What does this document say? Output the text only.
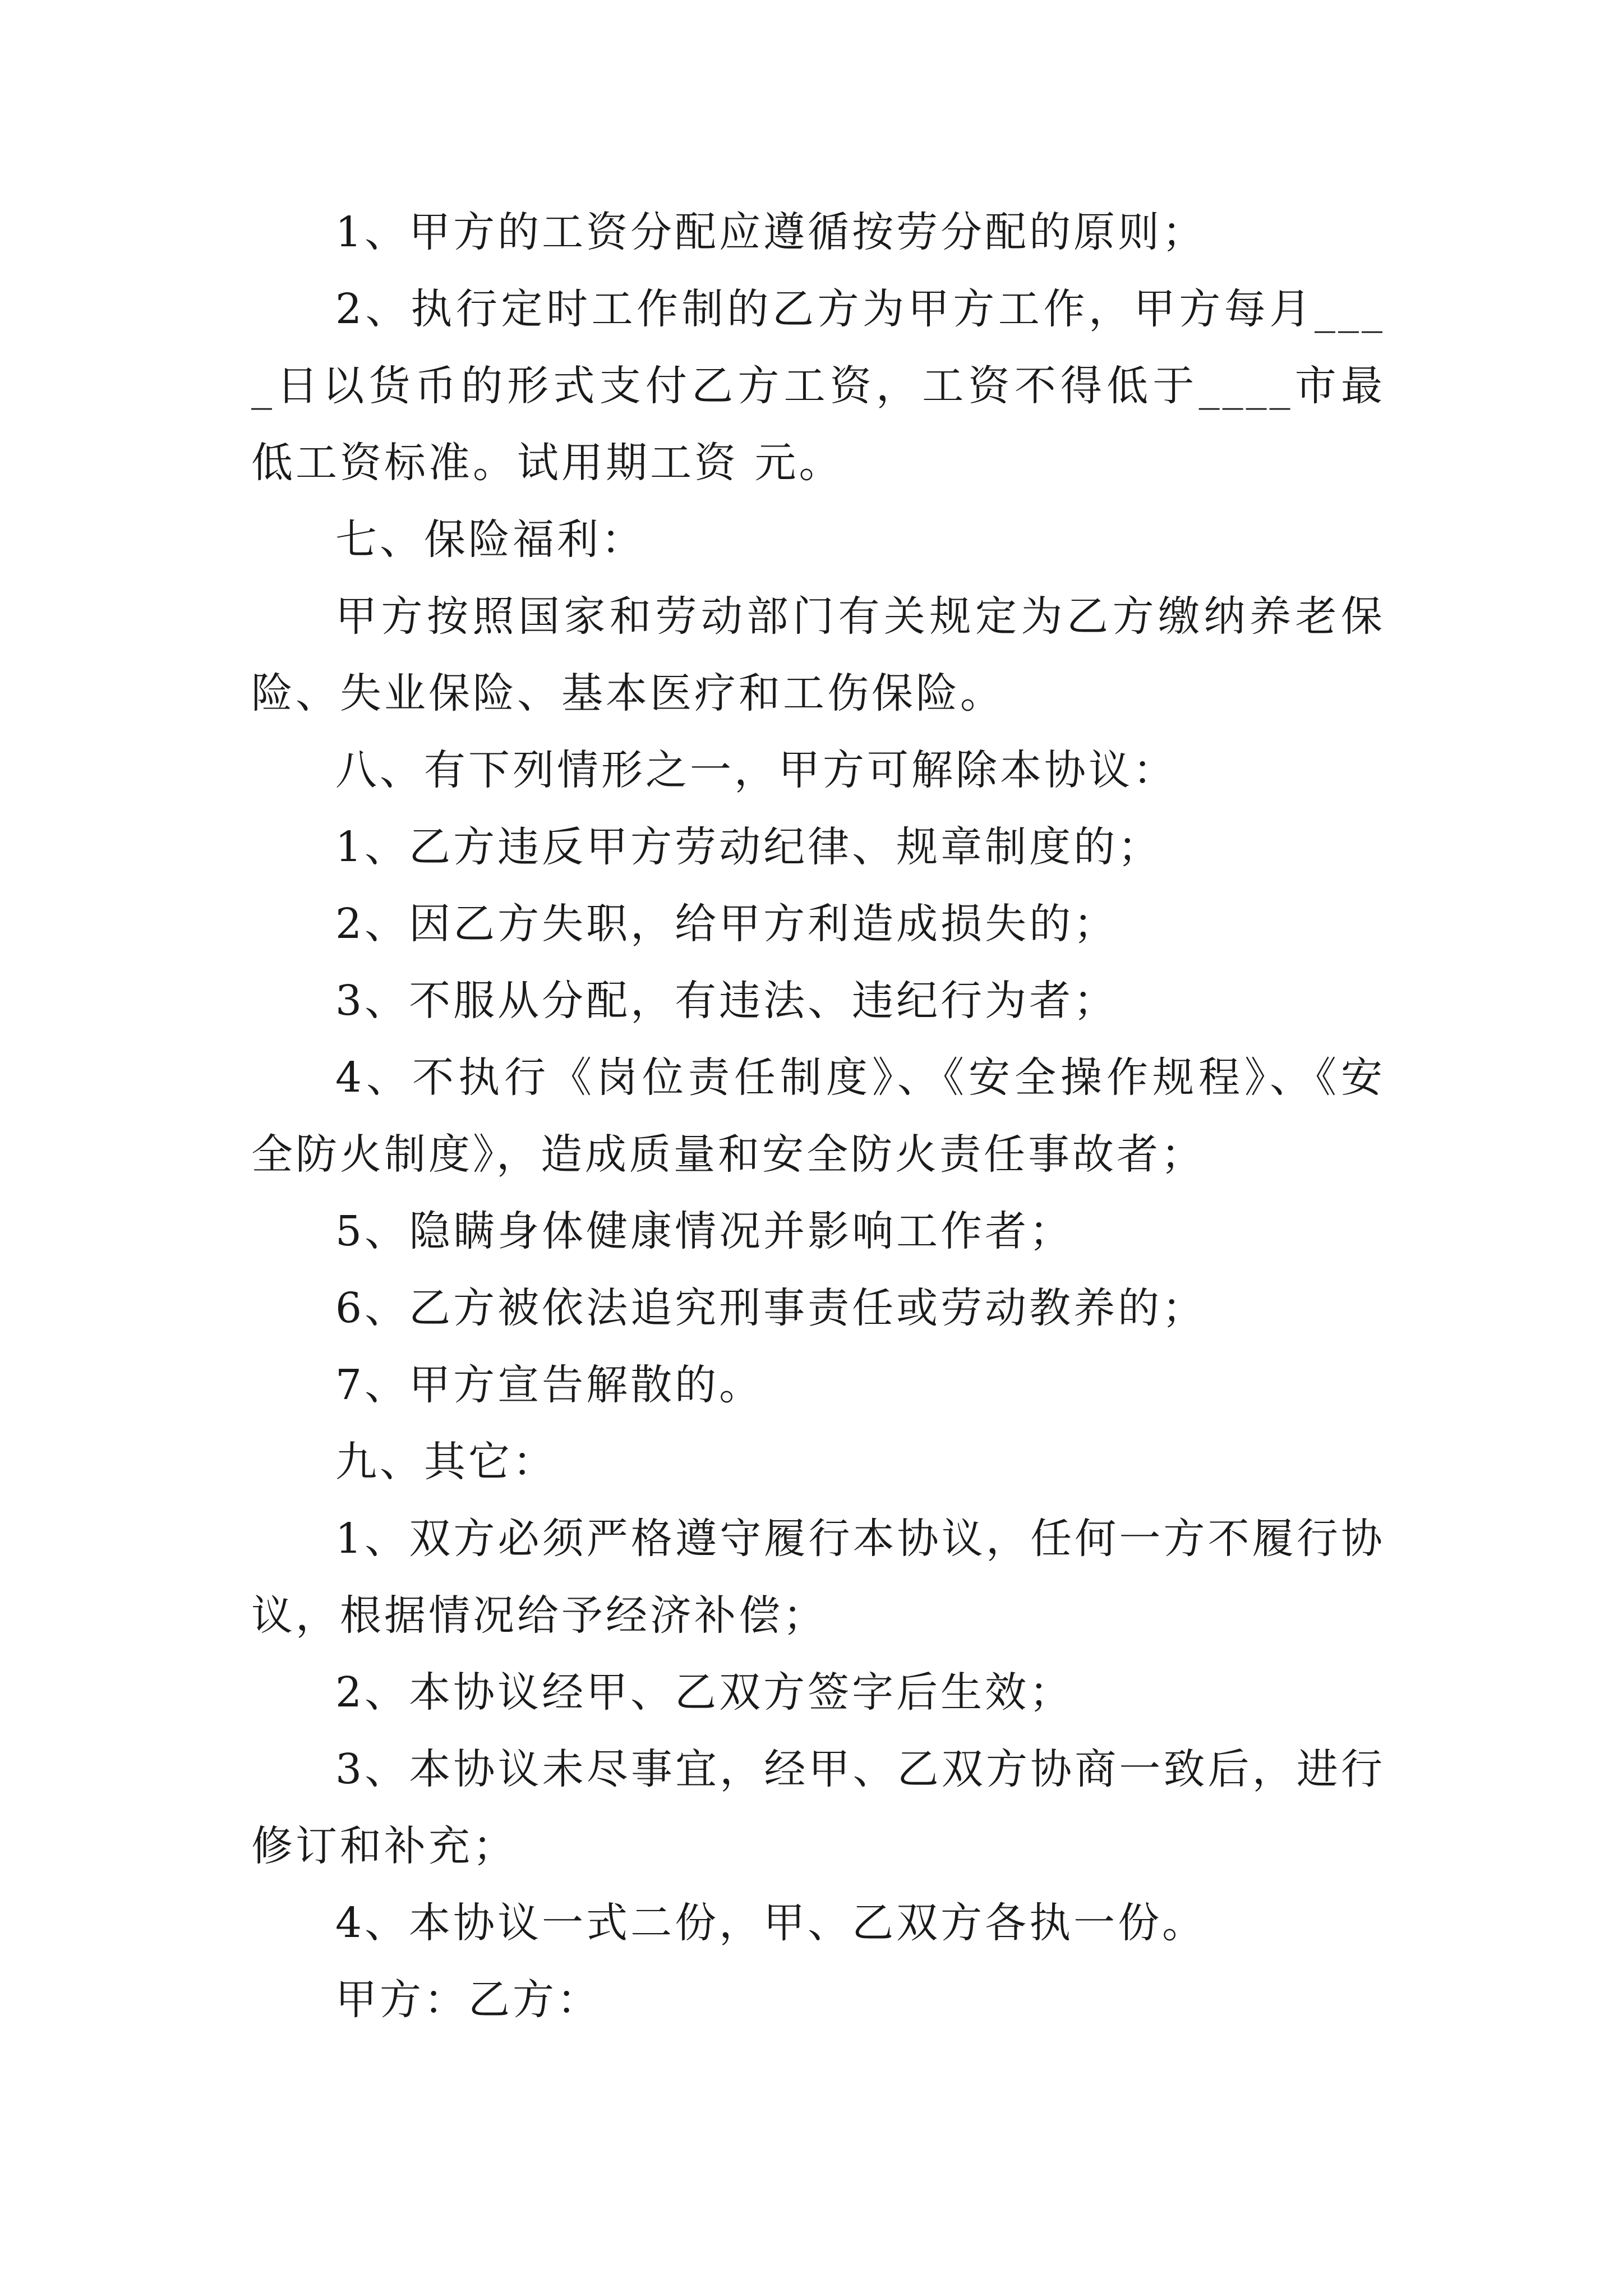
1、甲方的工资分配应遵循按劳分配的原则；

2、执行定时工作制的乙方为甲方工作，甲方每月____日以货币的形式支付乙方工资，工资不得低于____市最低工资标准。试用期工资 元。

七、保险福利：

甲方按照国家和劳动部门有关规定为乙方缴纳养老保险、失业保险、基本医疗和工伤保险。

八、有下列情形之一，甲方可解除本协议：

1、乙方违反甲方劳动纪律、规章制度的；

2、因乙方失职，给甲方利造成损失的；

3、不服从分配，有违法、违纪行为者；

4、不执行《岗位责任制度》、《安全操作规程》、《安全防火制度》，造成质量和安全防火责任事故者；

5、隐瞒身体健康情况并影响工作者；

6、乙方被依法追究刑事责任或劳动教养的；

7、甲方宣告解散的。

九、其它：

1、双方必须严格遵守履行本协议，任何一方不履行协议，根据情况给予经济补偿；

2、本协议经甲、乙双方签字后生效；

3、本协议未尽事宜，经甲、乙双方协商一致后，进行修订和补充；

4、本协议一式二份，甲、乙双方各执一份。

甲方：乙方：
